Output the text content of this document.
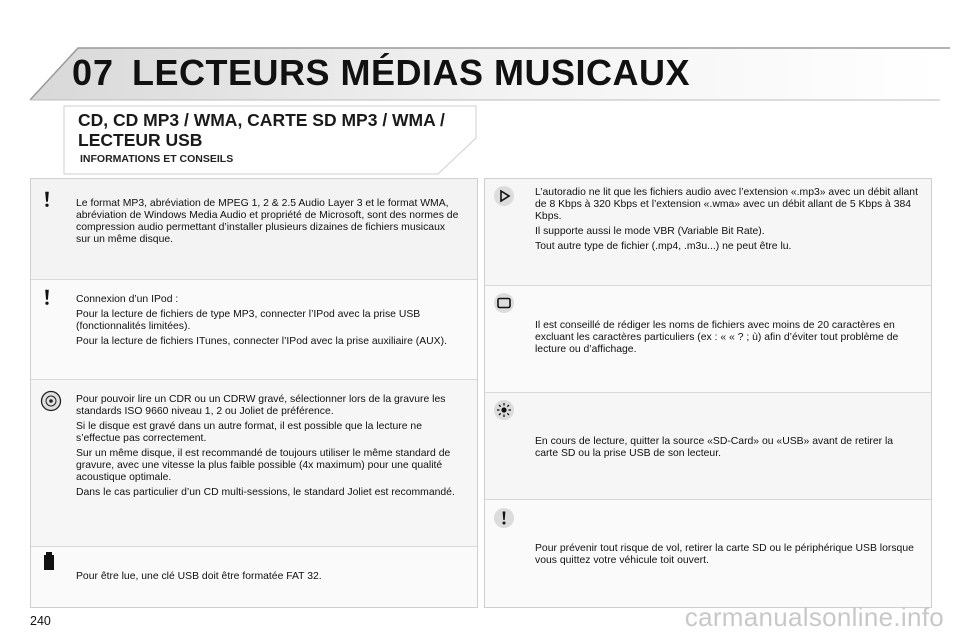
07 LECTEURS MÉDIAS MUSICAUX
CD, CD MP3 / WMA, CARTE SD MP3 / WMA / LECTEUR USB
INFORMATIONS ET CONSEILS

Le format MP3, abréviation de MPEG 1, 2 & 2.5 Audio Layer 3 et le format WMA, abréviation de Windows Media Audio et propriété de Microsoft, sont des normes de compression audio permettant d’installer plusieurs dizaines de fichiers musicaux sur un même disque.

Connexion d’un IPod :

Pour la lecture de fichiers de type MP3, connecter l’IPod avec la prise USB (fonctionnalités limitées).

Pour la lecture de fichiers ITunes, connecter l’IPod avec la prise auxiliaire (AUX).

Pour pouvoir lire un CDR ou un CDRW gravé, sélectionner lors de la gravure les standards ISO 9660 niveau 1, 2 ou Joliet de préférence.

Si le disque est gravé dans un autre format, il est possible que la lecture ne s’effectue pas correctement.

Sur un même disque, il est recommandé de toujours utiliser le même standard de gravure, avec une vitesse la plus faible possible (4x maximum) pour une qualité acoustique optimale.

Dans le cas particulier d’un CD multi-sessions, le standard Joliet est recommandé.

Pour être lue, une clé USB doit être formatée FAT 32.

L’autoradio ne lit que les fichiers audio avec l’extension «.mp3» avec un débit allant de 8 Kbps à 320 Kbps et l’extension «.wma» avec un débit allant de 5 Kbps à 384 Kbps.

Il supporte aussi le mode VBR (Variable Bit Rate).

Tout autre type de fichier (.mp4, .m3u...) ne peut être lu.

Il est conseillé de rédiger les noms de fichiers avec moins de 20 caractères en excluant les caractères particuliers (ex : « « ? ; ù) afin d’éviter tout problème de lecture ou d’affichage.

En cours de lecture, quitter la source «SD-Card» ou «USB» avant de retirer la carte SD ou la prise USB de son lecteur.

Pour prévenir tout risque de vol, retirer la carte SD ou le périphérique USB lorsque vous quittez votre véhicule toit ouvert.

240	carmanualsonline.info
